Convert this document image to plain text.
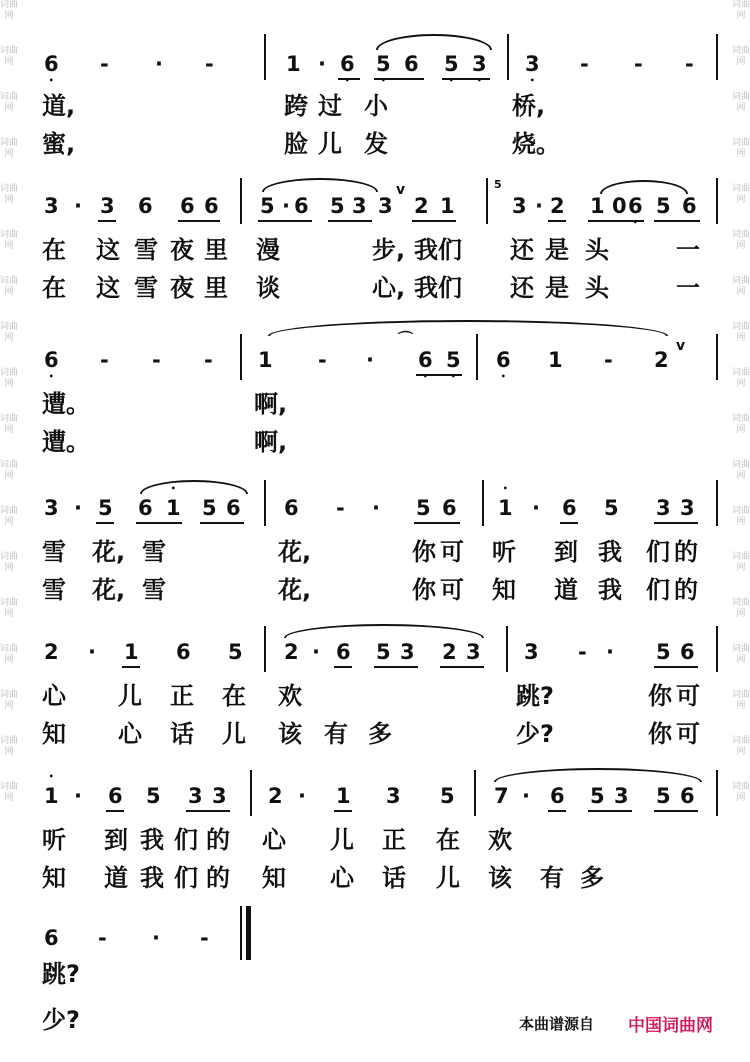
词曲网
词曲网
词曲网
词曲网
词曲网
词曲网
词曲网
词曲网
词曲网
词曲网
词曲网
词曲网
词曲网
词曲网
词曲网
词曲网
词曲网
词曲网
词曲网
词曲网
词曲网
词曲网
词曲网
词曲网
词曲网
词曲网
词曲网
词曲网
词曲网
词曲网
词曲网
词曲网
词曲网
词曲网
词曲网
词曲网
6 • - · -	1 · 6 • 5 • 6 5 • 3 • 3 • - - -
道,	跨 过 小	桥,
蜜,	脸 儿 发	烧。
3 · 3 6 6 6 5 · 6 5 3 3
v
2 1
5
3 · 2 1 0 6 • 5 6
在 这 雪 夜 里 漫	步, 我们 还 是 头	一
在 这 雪 夜 里 谈	心, 我们 还 是 头	一
⌒
6 • - - - 1 - · 6 • 5 • 6 • 1 - 2
v
遭。	啊,
遭。	啊,
3 · 5 6 • 1 5 6 6 - · 5 6 • 1 · 6 5 3 3
雪 花, 雪	花,	你 可 听 到 我 们 的
雪 花, 雪	花,	你 可 知 道 我 们 的
2 · 1 6 5 2 · 6 5 3 2 3 3 - · 5 6
心 儿 正 在 欢	跳?	你 可
知 心 话 儿 该 有 多	少?	你 可
• 1 · 6 5 3 3 2 · 1 3 5 7 · 6 5 3 5 6
听 到 我 们 的 心 儿 正 在 欢
知 道 我 们 的 知 心 话 儿 该 有 多
6 - · -
跳?
少?	本曲谱源自 中国词曲网
